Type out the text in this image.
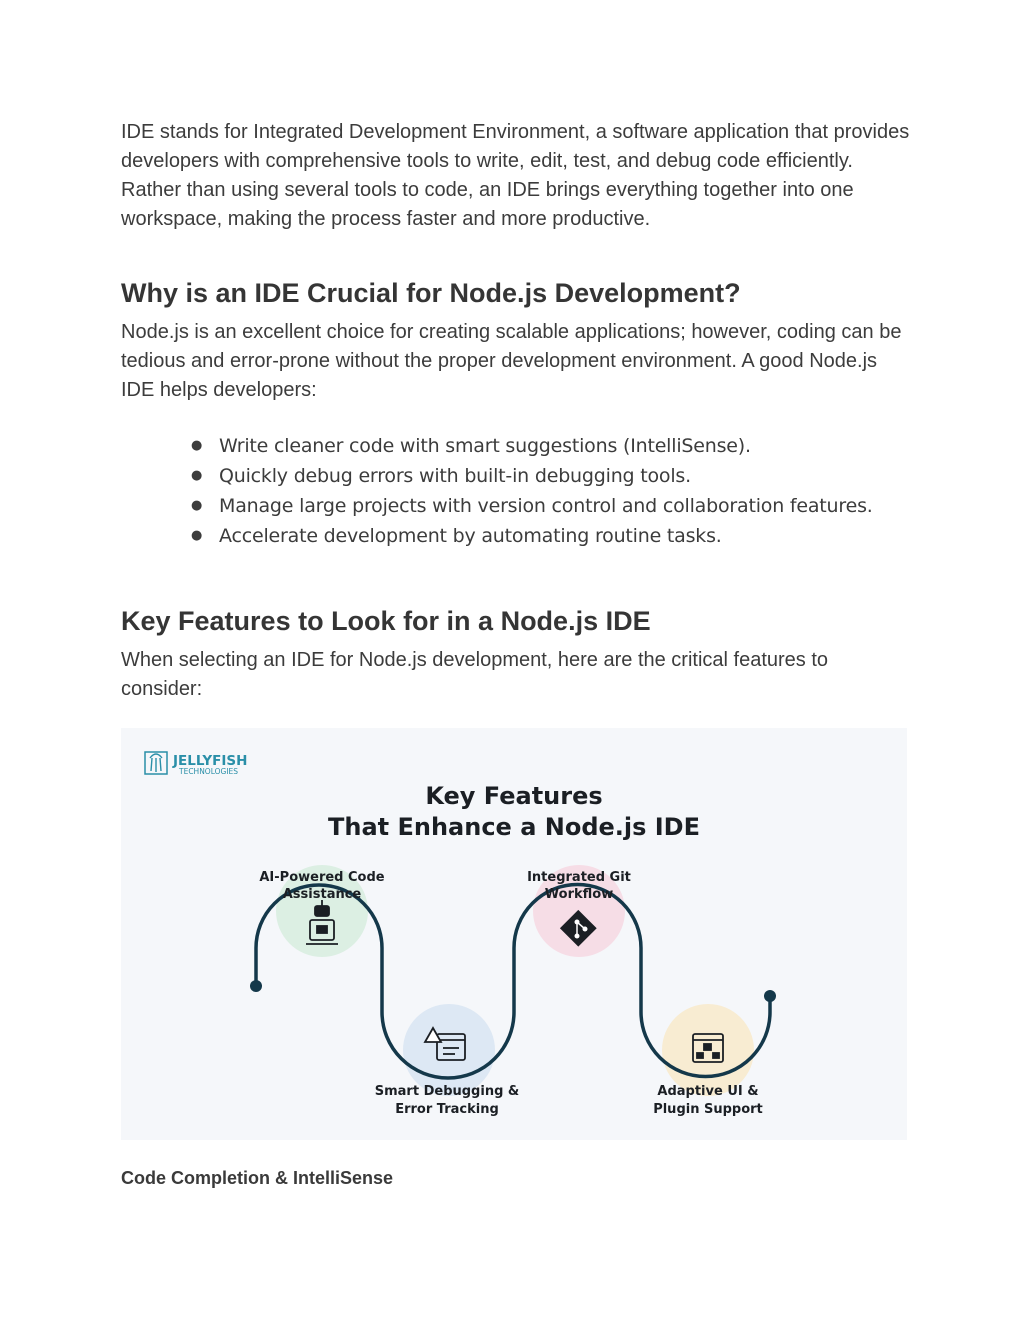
IDE stands for Integrated Development Environment, a software application that provides developers with comprehensive tools to write, edit, test, and debug code efficiently. Rather than using several tools to code, an IDE brings everything together into one workspace, making the process faster and more productive.

Why is an IDE Crucial for Node.js Development?

Node.js is an excellent choice for creating scalable applications; however, coding can be tedious and error-prone without the proper development environment. A good Node.js IDE helps developers:

● Write cleaner code with smart suggestions (IntelliSense).
● Quickly debug errors with built-in debugging tools.
● Manage large projects with version control and collaboration features.
● Accelerate development by automating routine tasks.
Key Features to Look for in a Node.js IDE

When selecting an IDE for Node.js development, here are the critical features to consider:

JELLYFISH
TECHNOLOGIES
Key Features
That Enhance a Node.js IDE
AI-Powered Code
Assistance
Smart Debugging &
Error Tracking
Integrated Git
Workflow
Adaptive UI &
Plugin Support
Code Completion & IntelliSense
